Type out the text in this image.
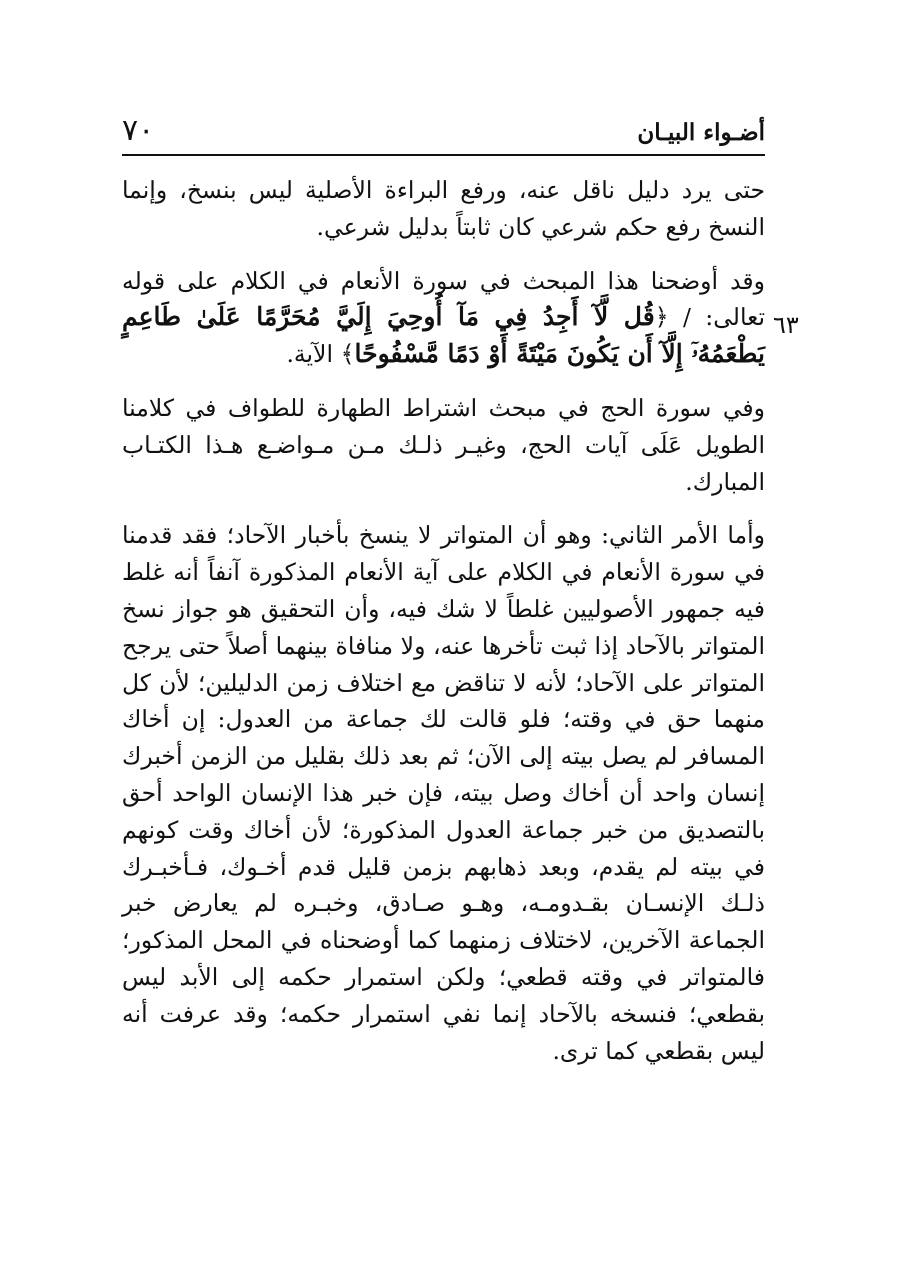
٧٠	أضـواء البيـان
٦٣

حتى يرد دليل ناقل عنه، ورفع البراءة الأصلية ليس بنسخ، وإنما النسخ رفع حكم شرعي كان ثابتاً بدليل شرعي.

وقد أوضحنا هذا المبحث في سورة الأنعام في الكلام على قوله تعالى: / ﴿قُل لَّآ أَجِدُ فِي مَآ أُوحِيَ إِلَيَّ مُحَرَّمًا عَلَىٰ طَاعِمٍ يَطْعَمُهُۥٓ إِلَّآ أَن يَكُونَ مَيْتَةً أَوْ دَمًا مَّسْفُوحًا﴾ الآية.

وفي سورة الحج في مبحث اشتراط الطهارة للطواف في كلامنا الطويل عَلَى آيات الحج، وغيـر ذلـك مـن مـواضـع هـذا الكتـاب المبارك.

وأما الأمر الثاني: وهو أن المتواتر لا ينسخ بأخبار الآحاد؛ فقد قدمنا في سورة الأنعام في الكلام على آية الأنعام المذكورة آنفاً أنه غلط فيه جمهور الأصوليين غلطاً لا شك فيه، وأن التحقيق هو جواز نسخ المتواتر بالآحاد إذا ثبت تأخرها عنه، ولا منافاة بينهما أصلاً حتى يرجح المتواتر على الآحاد؛ لأنه لا تناقض مع اختلاف زمن الدليلين؛ لأن كل منهما حق في وقته؛ فلو قالت لك جماعة من العدول: إن أخاك المسافر لم يصل بيته إلى الآن؛ ثم بعد ذلك بقليل من الزمن أخبرك إنسان واحد أن أخاك وصل بيته، فإن خبر هذا الإنسان الواحد أحق بالتصديق من خبر جماعة العدول المذكورة؛ لأن أخاك وقت كونهم في بيته لم يقدم، وبعد ذهابهم بزمن قليل قدم أخـوك، فـأخبـرك ذلـك الإنسـان بقـدومـه، وهـو صـادق، وخبـره لم يعارض خبر الجماعة الآخرين، لاختلاف زمنهما كما أوضحناه في المحل المذكور؛ فالمتواتر في وقته قطعي؛ ولكن استمرار حكمه إلى الأبد ليس بقطعي؛ فنسخه بالآحاد إنما نفي استمرار حكمه؛ وقد عرفت أنه ليس بقطعي كما ترى.
